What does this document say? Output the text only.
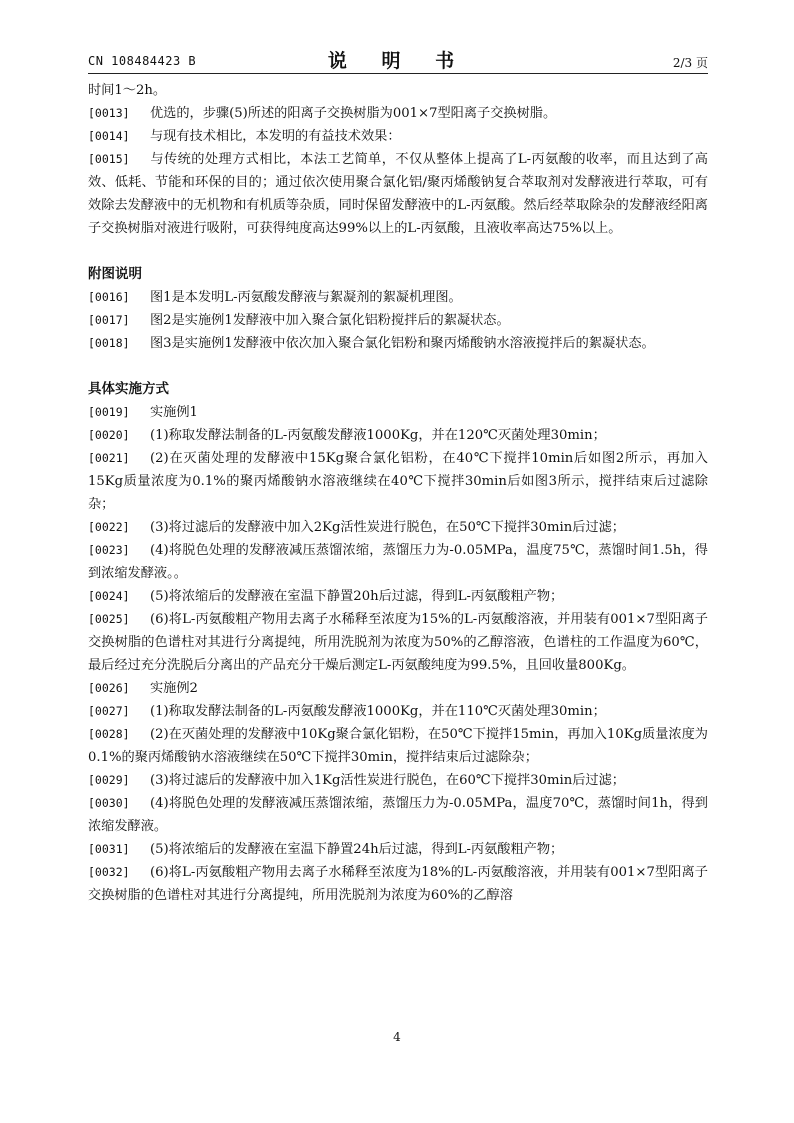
CN 108484423 B	说 明 书	2/3 页

时间1～2h。

[0013] 优选的，步骤(5)所述的阳离子交换树脂为001×7型阳离子交换树脂。

[0014] 与现有技术相比，本发明的有益技术效果：

[0015] 与传统的处理方式相比，本法工艺简单，不仅从整体上提高了L-丙氨酸的收率，而且达到了高效、低耗、节能和环保的目的；通过依次使用聚合氯化铝/聚丙烯酸钠复合萃取剂对发酵液进行萃取，可有效除去发酵液中的无机物和有机质等杂质，同时保留发酵液中的L-丙氨酸。然后经萃取除杂的发酵液经阳离子交换树脂对液进行吸附，可获得纯度高达99%以上的L-丙氨酸，且液收率高达75%以上。

附图说明

[0016] 图1是本发明L-丙氨酸发酵液与絮凝剂的絮凝机理图。

[0017] 图2是实施例1发酵液中加入聚合氯化铝粉搅拌后的絮凝状态。

[0018] 图3是实施例1发酵液中依次加入聚合氯化铝粉和聚丙烯酸钠水溶液搅拌后的絮凝状态。

具体实施方式

[0019] 实施例1

[0020] (1)称取发酵法制备的L-丙氨酸发酵液1000Kg，并在120℃灭菌处理30min；

[0021] (2)在灭菌处理的发酵液中15Kg聚合氯化铝粉，在40℃下搅拌10min后如图2所示，再加入15Kg质量浓度为0.1%的聚丙烯酸钠水溶液继续在40℃下搅拌30min后如图3所示，搅拌结束后过滤除杂；

[0022] (3)将过滤后的发酵液中加入2Kg活性炭进行脱色，在50℃下搅拌30min后过滤；

[0023] (4)将脱色处理的发酵液减压蒸馏浓缩，蒸馏压力为-0.05MPa，温度75℃，蒸馏时间1.5h，得到浓缩发酵液。。

[0024] (5)将浓缩后的发酵液在室温下静置20h后过滤，得到L-丙氨酸粗产物；

[0025] (6)将L-丙氨酸粗产物用去离子水稀释至浓度为15%的L-丙氨酸溶液，并用装有001×7型阳离子交换树脂的色谱柱对其进行分离提纯，所用洗脱剂为浓度为50%的乙醇溶液，色谱柱的工作温度为60℃，最后经过充分洗脱后分离出的产品充分干燥后测定L-丙氨酸纯度为99.5%，且回收量800Kg。

[0026] 实施例2

[0027] (1)称取发酵法制备的L-丙氨酸发酵液1000Kg，并在110℃灭菌处理30min；

[0028] (2)在灭菌处理的发酵液中10Kg聚合氯化铝粉，在50℃下搅拌15min，再加入10Kg质量浓度为0.1%的聚丙烯酸钠水溶液继续在50℃下搅拌30min，搅拌结束后过滤除杂；

[0029] (3)将过滤后的发酵液中加入1Kg活性炭进行脱色，在60℃下搅拌30min后过滤；

[0030] (4)将脱色处理的发酵液减压蒸馏浓缩，蒸馏压力为-0.05MPa，温度70℃，蒸馏时间1h，得到浓缩发酵液。

[0031] (5)将浓缩后的发酵液在室温下静置24h后过滤，得到L-丙氨酸粗产物；

[0032] (6)将L-丙氨酸粗产物用去离子水稀释至浓度为18%的L-丙氨酸溶液，并用装有001×7型阳离子交换树脂的色谱柱对其进行分离提纯，所用洗脱剂为浓度为60%的乙醇溶

4
